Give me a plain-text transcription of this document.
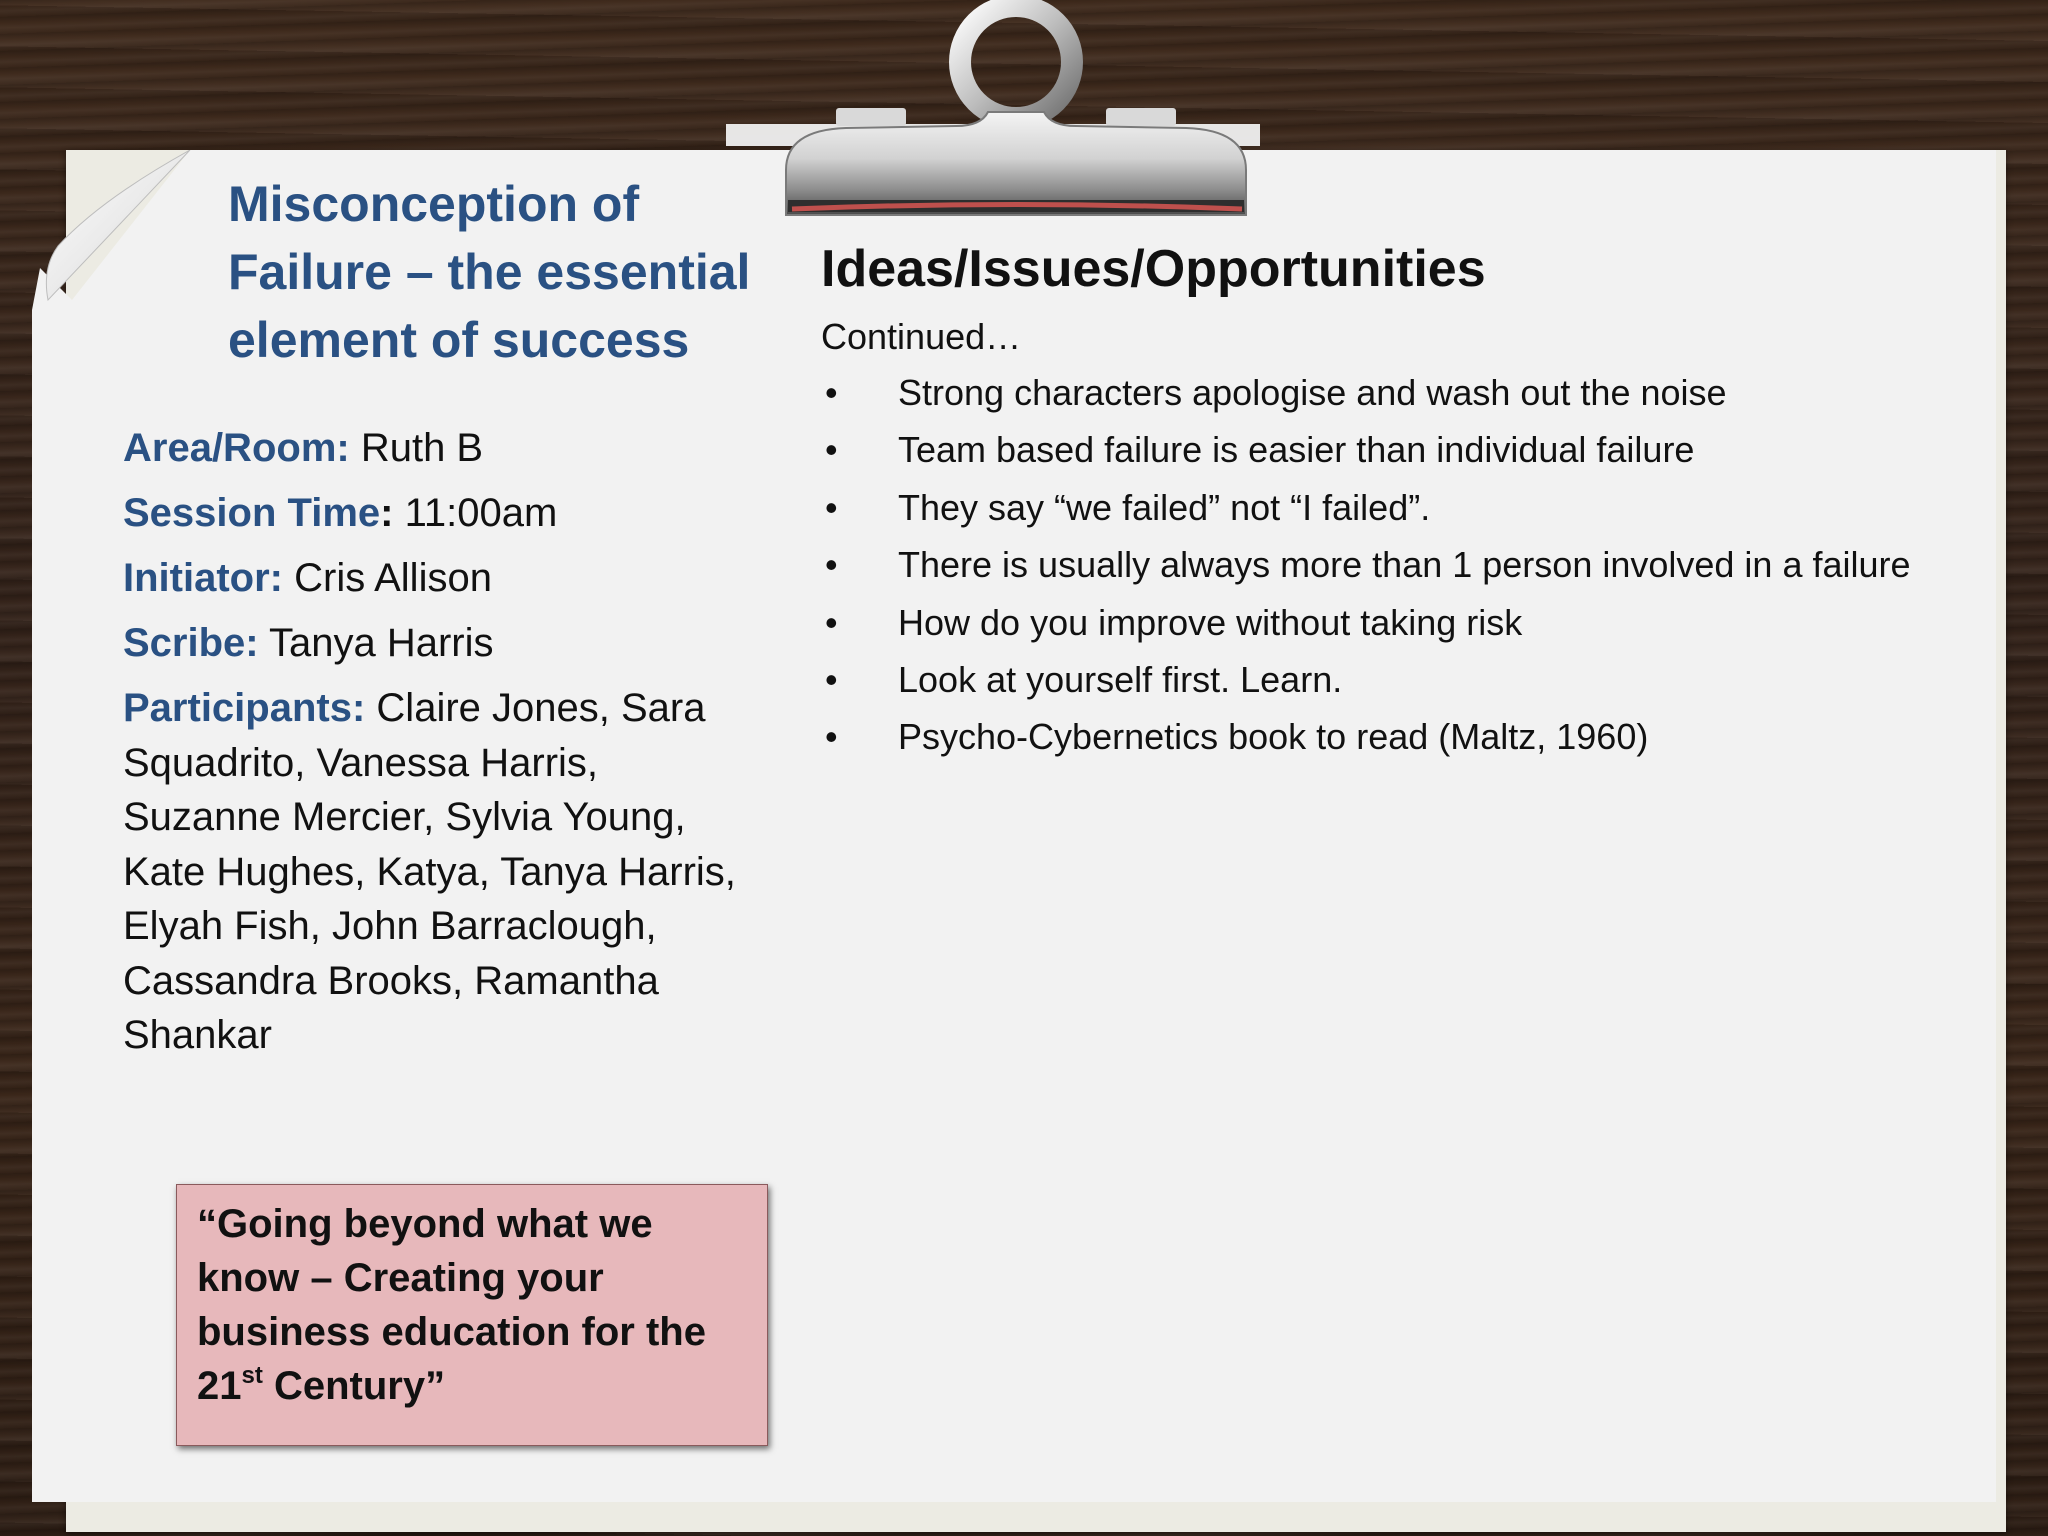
Misconception of Failure – the essential element of success
Area/Room: Ruth B
Session Time: 11:00am
Initiator: Cris Allison
Scribe: Tanya Harris
Participants: Claire Jones, Sara Squadrito, Vanessa Harris, Suzanne Mercier, Sylvia Young, Kate Hughes, Katya, Tanya Harris, Elyah Fish, John Barraclough, Cassandra Brooks, Ramantha Shankar
“Going beyond what we know – Creating your business education for the 21st Century”
Ideas/Issues/Opportunities
Continued…
• Strong characters apologise and wash out the noise
• Team based failure is easier than individual failure
• They say “we failed” not “I failed”.
• There is usually always more than 1 person involved in a failure
• How do you improve without taking risk
• Look at yourself first. Learn.
• Psycho-Cybernetics book to read (Maltz, 1960)
